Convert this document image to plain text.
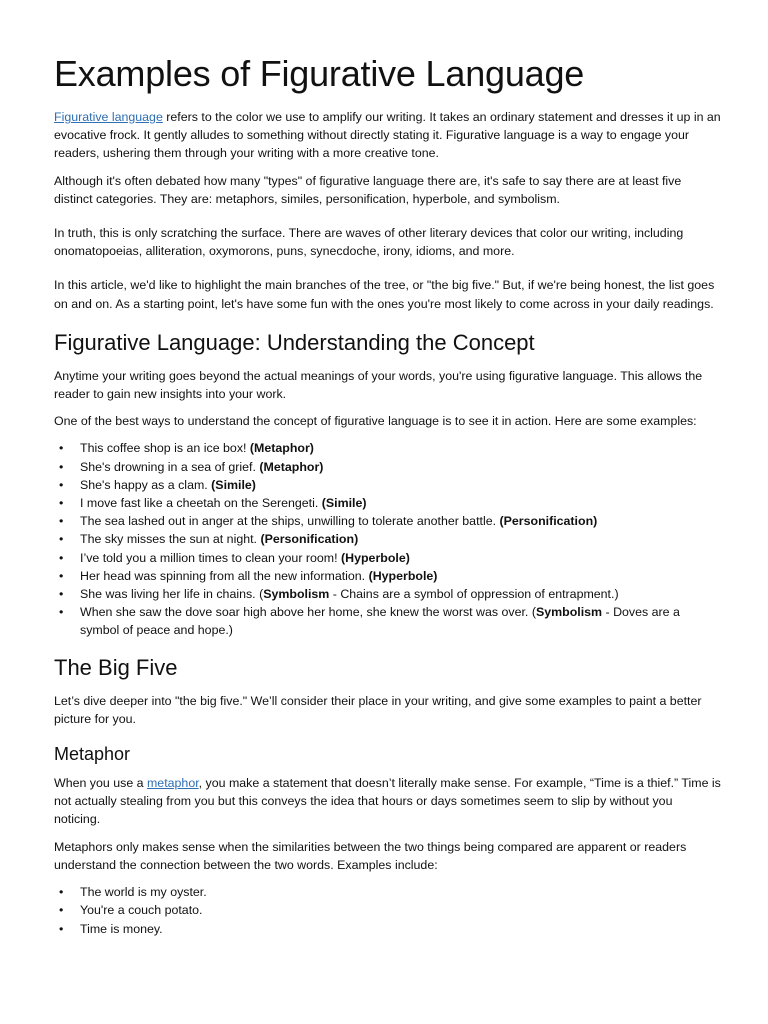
Examples of Figurative Language

Figurative language refers to the color we use to amplify our writing. It takes an ordinary statement and dresses it up in an evocative frock. It gently alludes to something without directly stating it. Figurative language is a way to engage your readers, ushering them through your writing with a more creative tone.

Although it's often debated how many "types" of figurative language there are, it's safe to say there are at least five distinct categories. They are: metaphors, similes, personification, hyperbole, and symbolism.

In truth, this is only scratching the surface. There are waves of other literary devices that color our writing, including onomatopoeias, alliteration, oxymorons, puns, synecdoche, irony, idioms, and more.

In this article, we'd like to highlight the main branches of the tree, or "the big five." But, if we're being honest, the list goes on and on. As a starting point, let's have some fun with the ones you're most likely to come across in your daily readings.

Figurative Language: Understanding the Concept

Anytime your writing goes beyond the actual meanings of your words, you're using figurative language. This allows the reader to gain new insights into your work.

One of the best ways to understand the concept of figurative language is to see it in action. Here are some examples:

• This coffee shop is an ice box! (Metaphor)
• She's drowning in a sea of grief. (Metaphor)
• She's happy as a clam. (Simile)
• I move fast like a cheetah on the Serengeti. (Simile)
• The sea lashed out in anger at the ships, unwilling to tolerate another battle. (Personification)
• The sky misses the sun at night. (Personification)
• I’ve told you a million times to clean your room! (Hyperbole)
• Her head was spinning from all the new information. (Hyperbole)
• She was living her life in chains. (Symbolism - Chains are a symbol of oppression of entrapment.)
• When she saw the dove soar high above her home, she knew the worst was over. (Symbolism - Doves are a symbol of peace and hope.)
The Big Five

Let’s dive deeper into "the big five." We’ll consider their place in your writing, and give some examples to paint a better picture for you.

Metaphor

When you use a metaphor, you make a statement that doesn’t literally make sense. For example, “Time is a thief.” Time is not actually stealing from you but this conveys the idea that hours or days sometimes seem to slip by without you noticing.

Metaphors only makes sense when the similarities between the two things being compared are apparent or readers understand the connection between the two words. Examples include:

• The world is my oyster.
• You're a couch potato.
• Time is money.
